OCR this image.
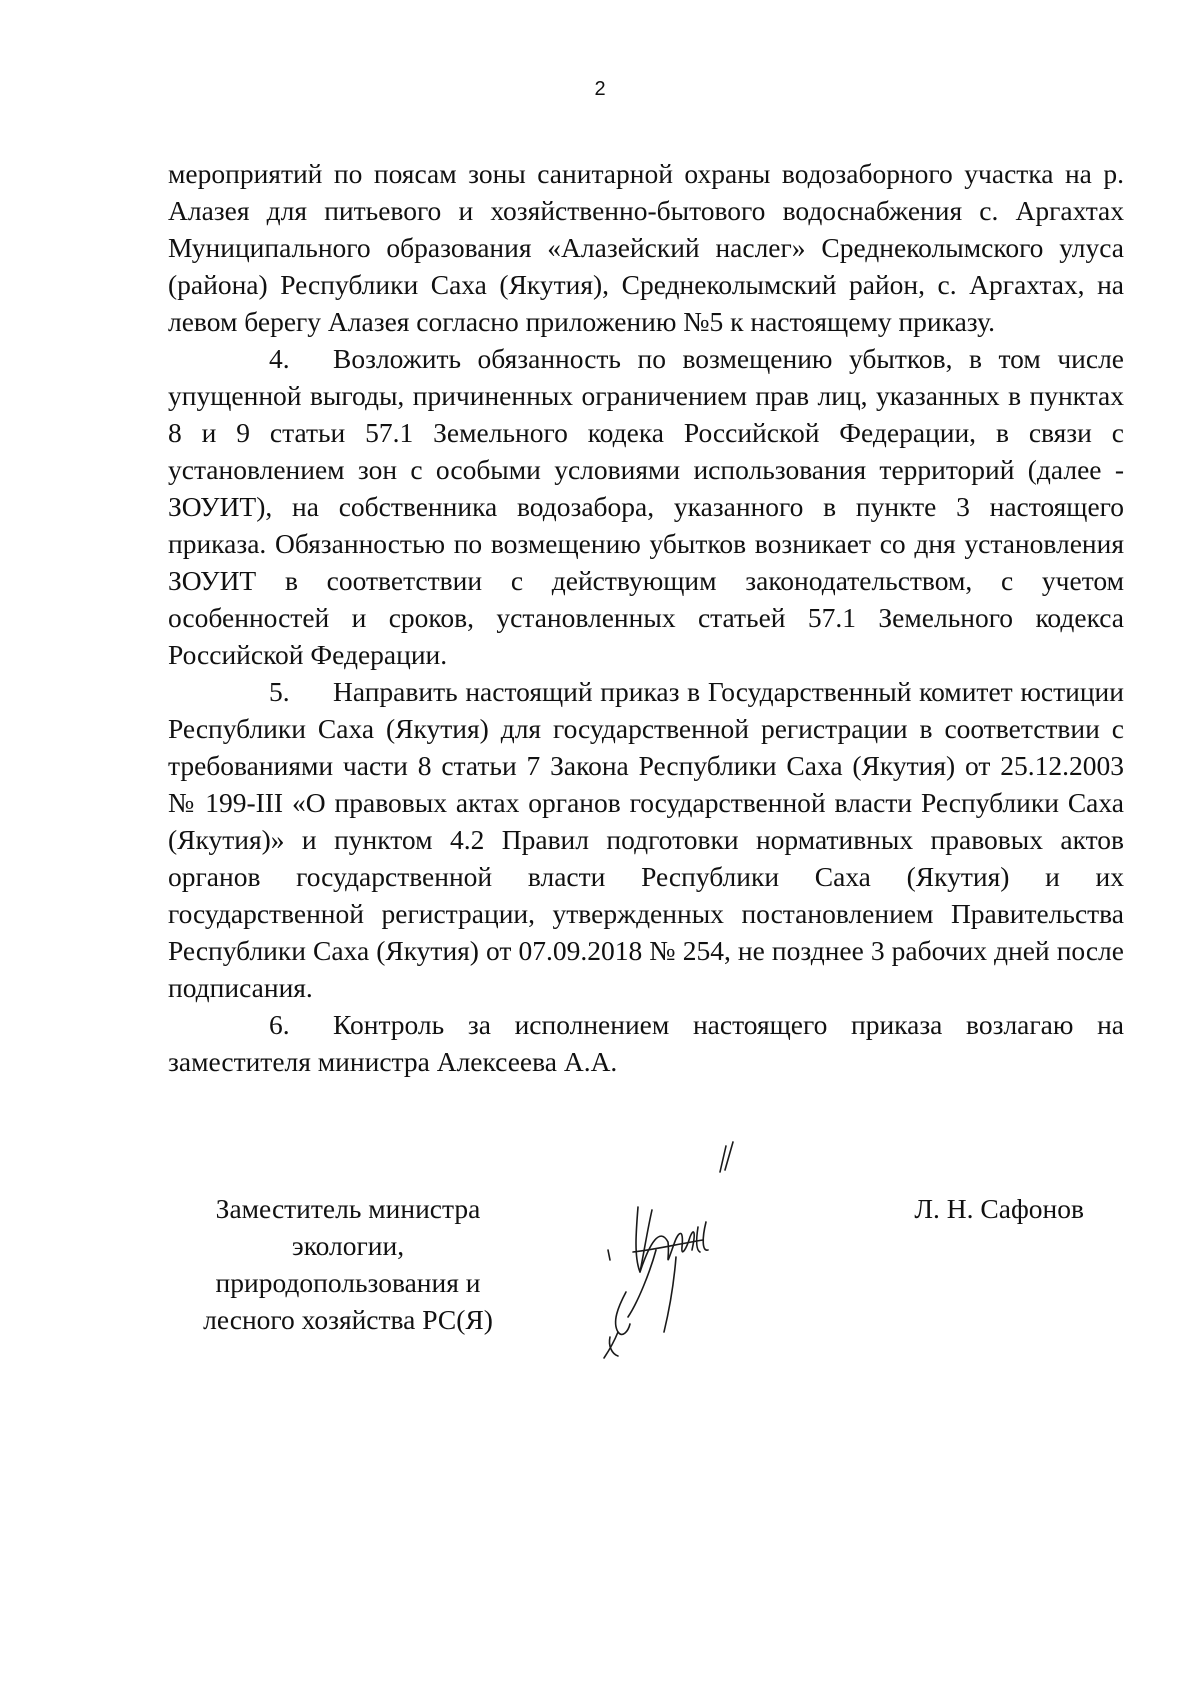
2

мероприятий по поясам зоны санитарной охраны водозаборного участка на р. Алазея для питьевого и хозяйственно-бытового водоснабжения с. Аргахтах Муниципального образования «Алазейский наслег» Среднеколымского улуса (района) Республики Саха (Якутия), Среднеколымский район, с. Аргахтах, на левом берегу Алазея согласно приложению №5 к настоящему приказу.

4. Возложить обязанность по возмещению убытков, в том числе упущенной выгоды, причиненных ограничением прав лиц, указанных в пунктах 8 и 9 статьи 57.1 Земельного кодека Российской Федерации, в связи с установлением зон с особыми условиями использования территорий (далее - ЗОУИТ), на собственника водозабора, указанного в пункте 3 настоящего приказа. Обязанностью по возмещению убытков возникает со дня установления ЗОУИТ в соответствии с действующим законодательством, с учетом особенностей и сроков, установленных статьей 57.1 Земельного кодекса Российской Федерации.

5. Направить настоящий приказ в Государственный комитет юстиции Республики Саха (Якутия) для государственной регистрации в соответствии с требованиями части 8 статьи 7 Закона Республики Саха (Якутия) от 25.12.2003 № 199-III «О правовых актах органов государственной власти Республики Саха (Якутия)» и пунктом 4.2 Правил подготовки нормативных правовых актов органов государственной власти Республики Саха (Якутия) и их государственной регистрации, утвержденных постановлением Правительства Республики Саха (Якутия) от 07.09.2018 № 254, не позднее 3 рабочих дней после подписания.

6. Контроль за исполнением настоящего приказа возлагаю на заместителя министра Алексеева А.А.

Заместитель министра
экологии,
природопользования и
лесного хозяйства РС(Я)
Л. Н. Сафонов
